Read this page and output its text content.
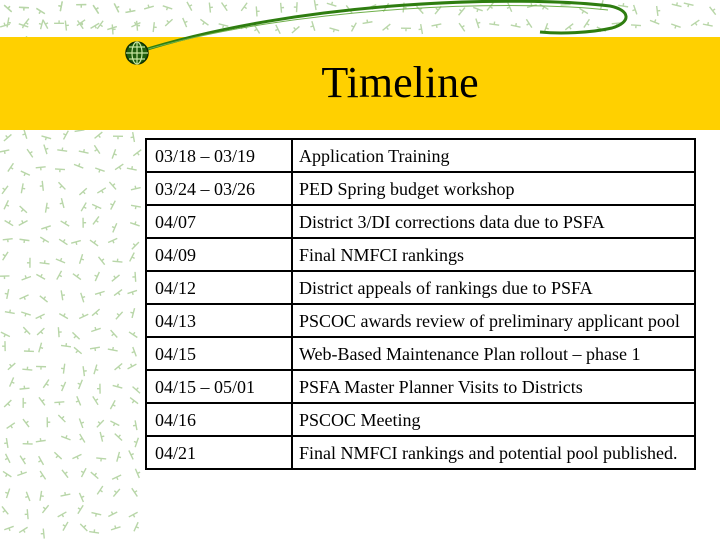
Timeline
03/18 – 03/19	Application Training
03/24 – 03/26	PED Spring budget workshop
04/07	District 3/DI corrections data due to PSFA
04/09	Final NMFCI rankings
04/12	District appeals of rankings due to PSFA
04/13	PSCOC awards review of preliminary applicant pool
04/15	Web-Based Maintenance Plan rollout – phase 1
04/15 – 05/01	PSFA Master Planner Visits to Districts
04/16	PSCOC Meeting
04/21	Final NMFCI rankings and potential pool published.
